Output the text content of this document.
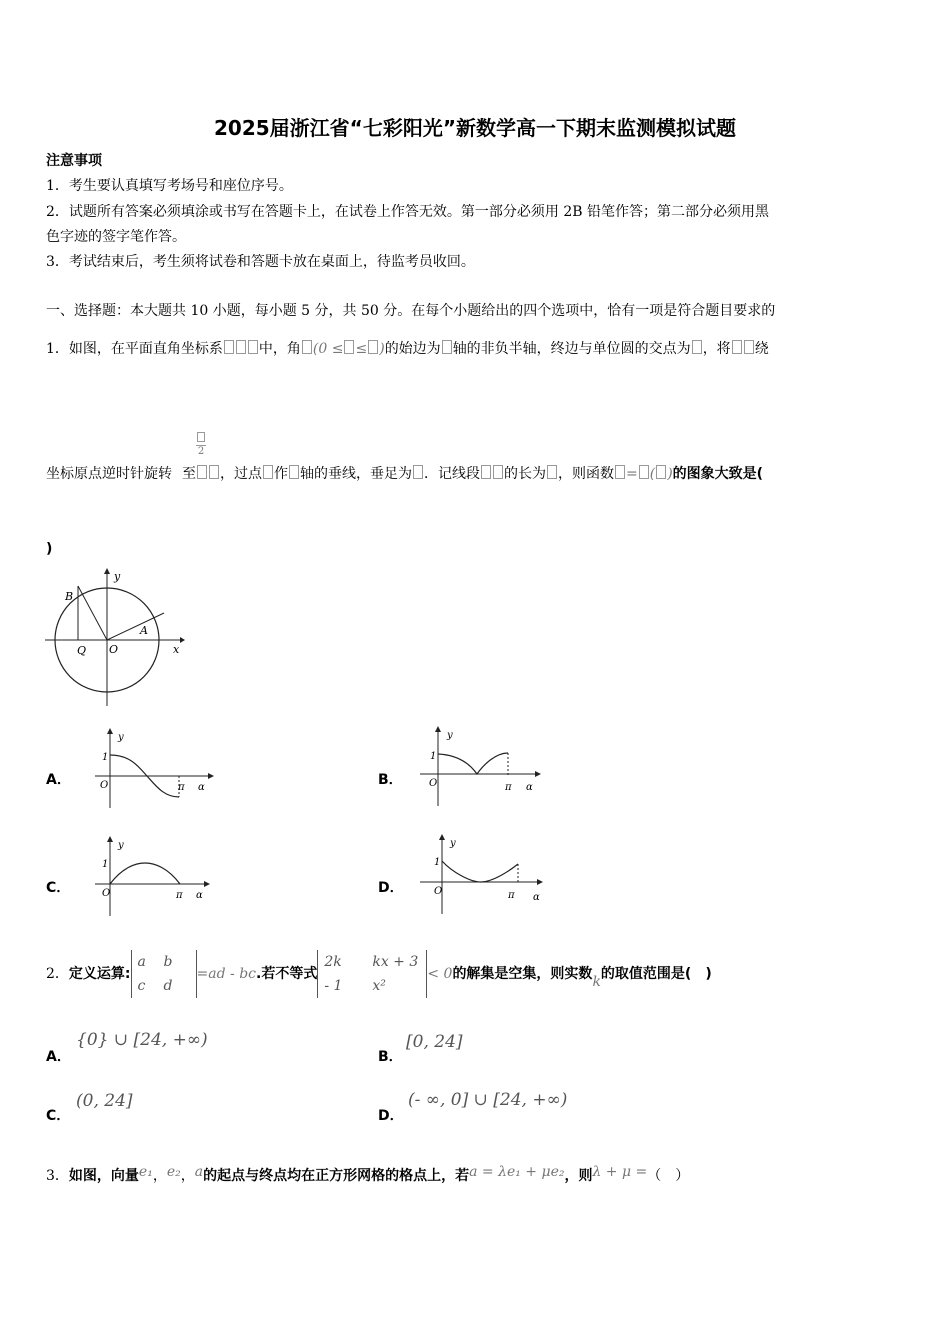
2025届浙江省“七彩阳光”新数学高一下期末监测模拟试题
注意事项
1．考生要认真填写考场号和座位序号。
2．试题所有答案必须填涂或书写在答题卡上，在试卷上作答无效。第一部分必须用 2B 铅笔作答；第二部分必须用黑
色字迹的签字笔作答。
3．考试结束后，考生须将试卷和答题卡放在桌面上，待监考员收回。
一、选择题：本大题共 10 小题，每小题 5 分，共 50 分。在每个小题给出的四个选项中，恰有一项是符合题目要求的
1．如图，在平面直角坐标系	中，角 (0 ≤ ≤ )的始边为 轴的非负半轴，终边与单位圆的交点为 ，将 绕
2
坐标原点逆时针旋转 至 ，过点 作 轴的垂线，垂足为 ．记线段 的长为 ，则函数 = ( )的图象大致是(
)
y
x
O
A
B
Q
A．
y
1
O	π α	B．
y
1
O	π α
C．
y
1
O	π α	D．
y
1
O	π α
2．定义运算:a b
c d=ad - bc.若不等式2k kx + 3
- 1 x²< 0的解集是空集，则实数k的取值范围是(　)
A．
{0} ∪ [24, +∞)
B．
[0, 24]
C．
(0, 24]
D．
(- ∞, 0] ∪ [24, +∞)
3．如图，向量e₁，e₂，a的起点与终点均在正方形网格的格点上，若a = λe₁ + μe₂，则λ + μ =（　）
